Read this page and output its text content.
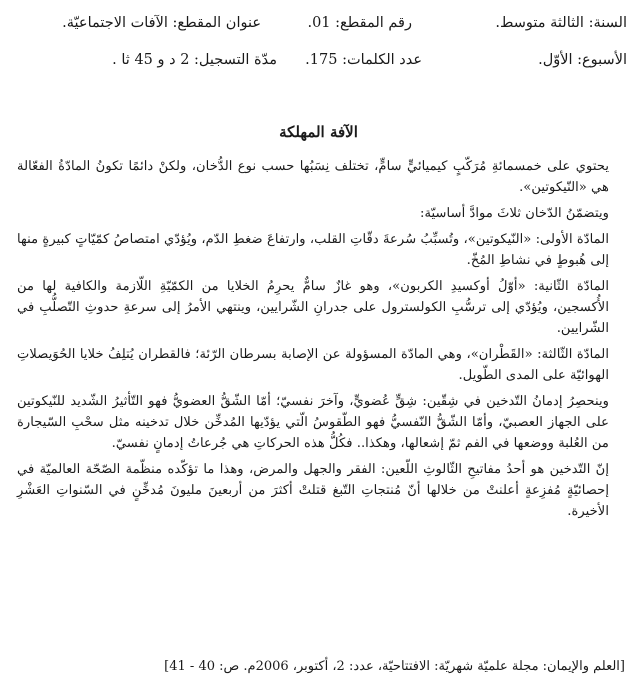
السنة: الثالثة متوسط.
رقم المقطع: 01.
عنوان المقطع: الآفات الاجتماعيّة.
الأسبوع: الأوّل.
عدد الكلمات: 175.
مدّة التسجيل: 2 د و 45 ثا .
الآفة المهلكة

يحتوي على خمسمائةِ مُرَكّبٍ كيميائيٍّ سامٍّ، تختلف نِسَبُها حسب نوع الدُّخان، ولكنْ دائمًا تكونُ المادّةُ الفعّالة هي «النّيكوتين».

ويتضمّنُ الدّخان ثلاثَ موادَّ أساسيّة:

المادّة الأولى: «النّيكوتين»، وتُسبِّبُ سُرعةَ دقّاتِ القلب، وارتفاعَ ضغطِ الدّم، ويُؤدّي امتصاصُ كمّيّاتٍ كبيرةٍ منها إلى هُبوطٍ في نشاطِ المُخّ.

المادّة الثّانية: «أوّلُ أوكسيدِ الكربون»، وهو غازٌ سامٌّ يحرِمُ الخلايا من الكمّيّةِ اللّازمة والكافية لها من الأُكسجين، ويُؤدّي إلى ترسُّبِ الكولسترول على جدرانِ الشّرايين، وينتهي الأمرُ إلى سرعةِ حدوثِ التّصلُّبِ في الشّرايين.

المادّة الثّالثة: «القَطْران»، وهي المادّة المسؤولة عن الإصابة بسرطان الرّئة؛ فالقطران يُتلِفُ خلايا الحُوَيصلاتِ الهوائيّة على المدى الطّويل.

وينحصِرُ إدمانُ التّدخين في شِقّين: شِقٍّ عُضويٍّ، وآخرَ نفسيّ؛ أمّا الشّقُّ العضويُّ فهو التّأثيرُ الشّديد للنّيكوتين على الجهاز العصبيّ، وأمّا الشّقُّ النّفسيُّ فهو الطّقوسُ الّتي يؤدّيها المُدخِّن خلال تدخينه مثل سحْبِ السّيجارة من العُلبة ووضعها في الفم ثمّ إشعالها، وهكذا.. فكُلُّ هذه الحركاتِ هي جُرعاتُ إدمانٍ نفسيّ.

إنّ التّدخين هو أحدُ مفاتيحِ الثّالوثِ اللّعين: الفقر والجهل والمرض، وهذا ما تؤكّده منظّمة الصّحّة العالميّة في إحصائيّةٍ مُفزِعةٍ أعلنتْ من خلالها أنّ مُنتجاتِ التّبغ قتلتْ أكثرَ من أربعينَ مليونَ مُدخِّنٍ في السّنواتِ العَشْرِ الأخيرة.

[العلم والإيمان: مجلة علميّة شهريّة: الافتتاحيّة، عدد: 2، أكتوبر، 2006م. ص: 40 - 41]
